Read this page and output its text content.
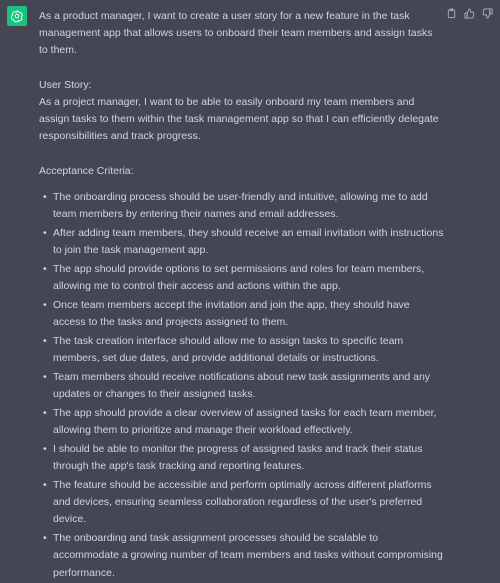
As a product manager, I want to create a user story for a new feature in the task management app that allows users to onboard their team members and assign tasks to them.

User Story:

As a project manager, I want to be able to easily onboard my team members and assign tasks to them within the task management app so that I can efficiently delegate responsibilities and track progress.

Acceptance Criteria:

• The onboarding process should be user-friendly and intuitive, allowing me to add team members by entering their names and email addresses.
• After adding team members, they should receive an email invitation with instructions to join the task management app.
• The app should provide options to set permissions and roles for team members, allowing me to control their access and actions within the app.
• Once team members accept the invitation and join the app, they should have access to the tasks and projects assigned to them.
• The task creation interface should allow me to assign tasks to specific team members, set due dates, and provide additional details or instructions.
• Team members should receive notifications about new task assignments and any updates or changes to their assigned tasks.
• The app should provide a clear overview of assigned tasks for each team member, allowing them to prioritize and manage their workload effectively.
• I should be able to monitor the progress of assigned tasks and track their status through the app's task tracking and reporting features.
• The feature should be accessible and perform optimally across different platforms and devices, ensuring seamless collaboration regardless of the user's preferred device.
• The onboarding and task assignment processes should be scalable to accommodate a growing number of team members and tasks without compromising performance.
